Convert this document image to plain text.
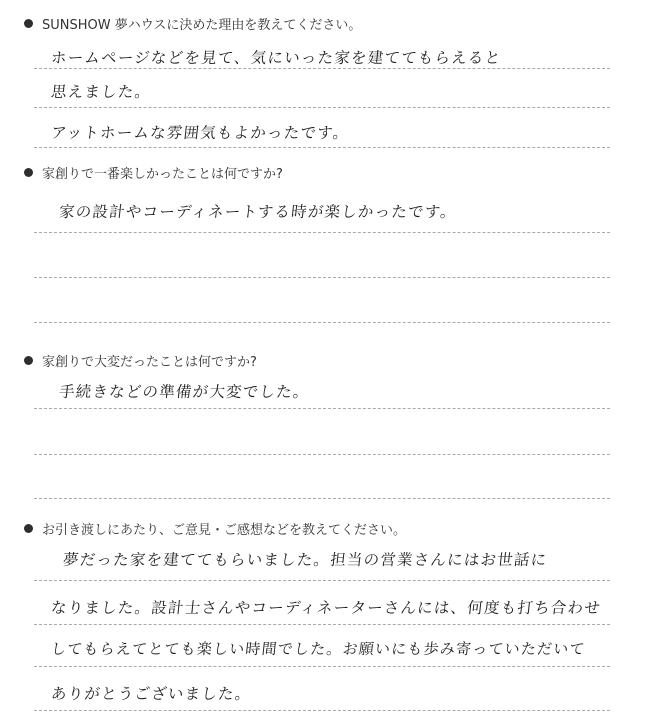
SUNSHOW 夢ハウスに決めた理由を教えてください。
ホームページなどを見て、気にいった家を建ててもらえると
思えました。
アットホームな雰囲気もよかったです。
家創りで一番楽しかったことは何ですか?
家の設計やコーディネートする時が楽しかったです。
家創りで大変だったことは何ですか?
手続きなどの準備が大変でした。
お引き渡しにあたり、ご意見・ご感想などを教えてください。
夢だった家を建ててもらいました。担当の営業さんにはお世話に
なりました。設計士さんやコーディネーターさんには、何度も打ち合わせ
してもらえてとても楽しい時間でした。お願いにも歩み寄っていただいて
ありがとうございました。
